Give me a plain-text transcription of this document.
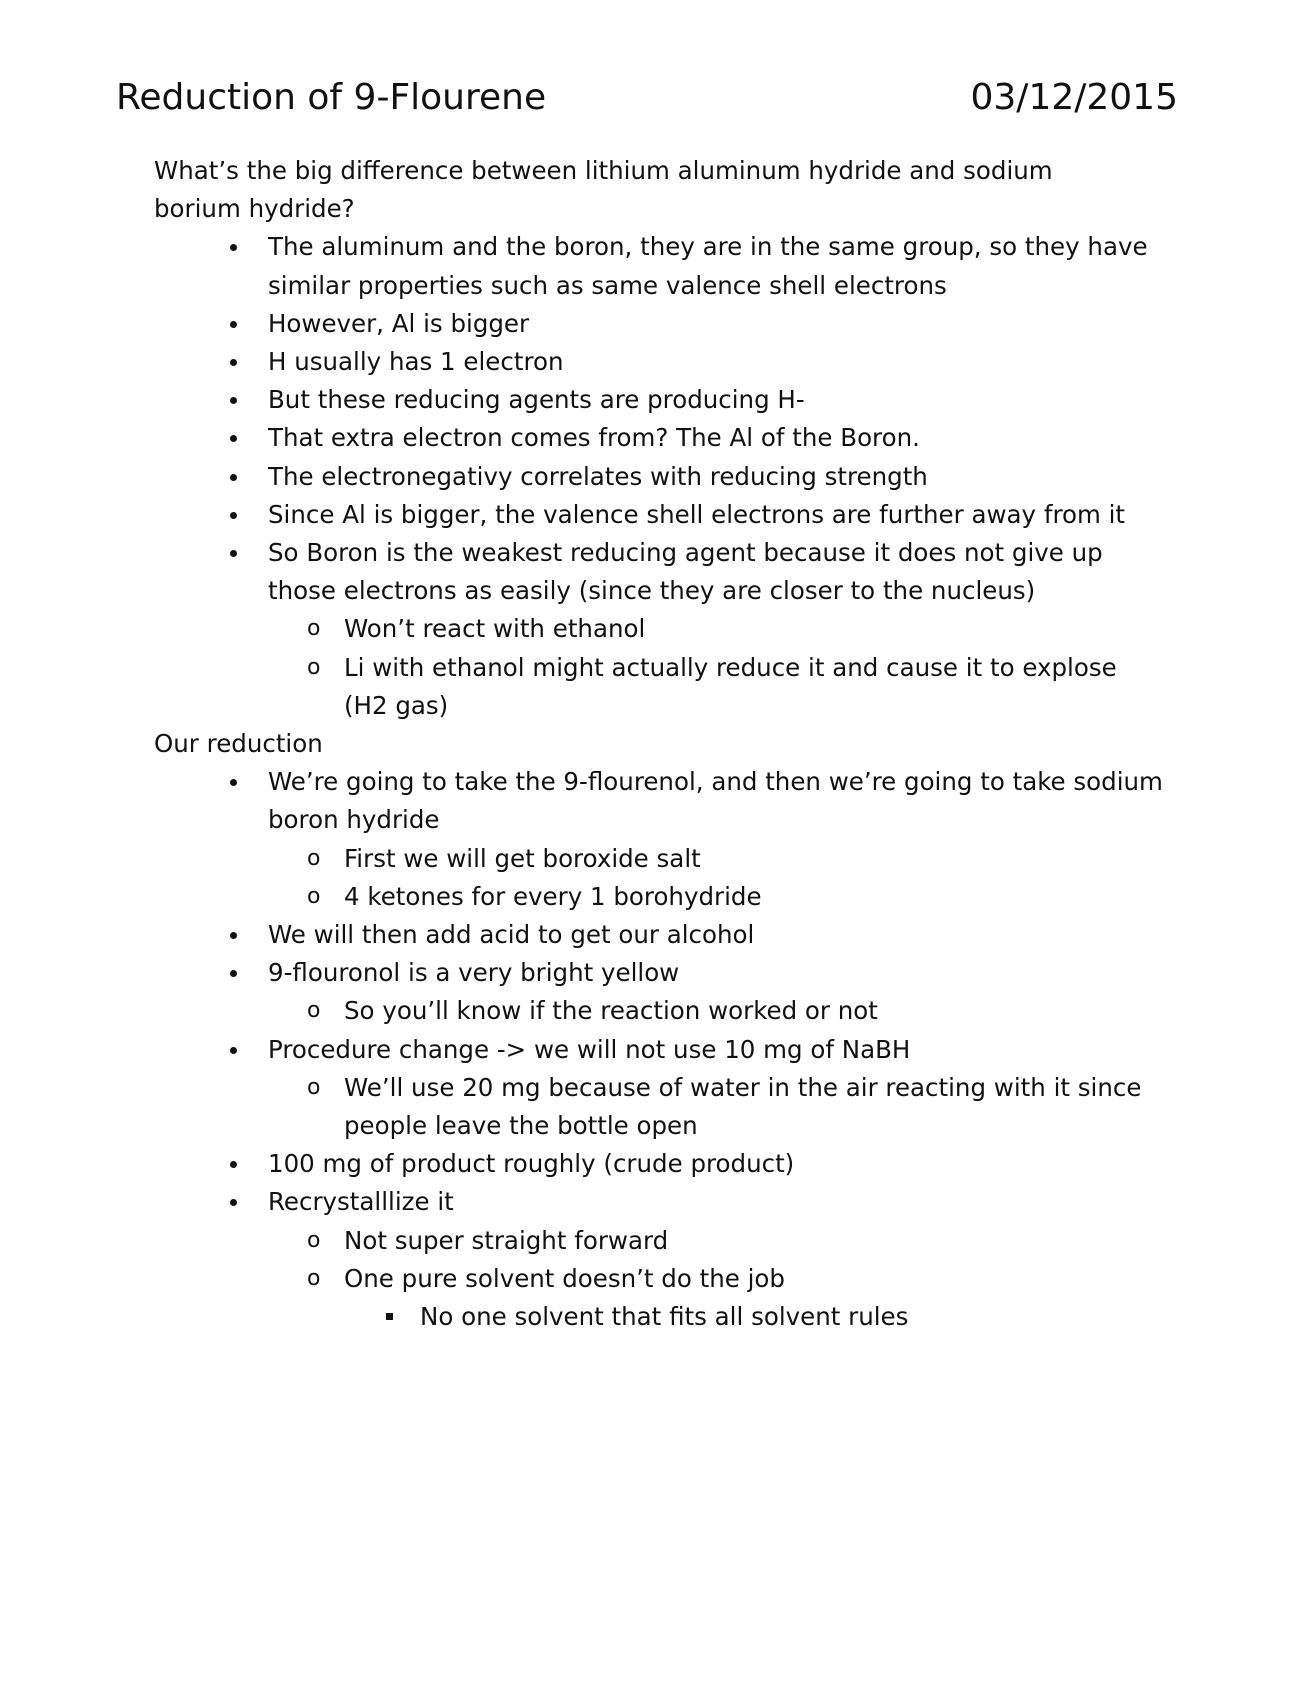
Reduction of 9-Flourene	03/12/2015

What’s the big difference between lithium aluminum hydride and sodium borium hydride?

The aluminum and the boron, they are in the same group, so they have similar properties such as same valence shell electrons
However, Al is bigger
H usually has 1 electron
But these reducing agents are producing H-
That extra electron comes from? The Al of the Boron.
The electronegativy correlates with reducing strength
Since Al is bigger, the valence shell electrons are further away from it
So Boron is the weakest reducing agent because it does not give up those electrons as easily (since they are closer to the nucleus)
o Won’t react with ethanol
o Li with ethanol might actually reduce it and cause it to explose (H2 gas)

Our reduction

We’re going to take the 9-flourenol, and then we’re going to take sodium boron hydride
o First we will get boroxide salt
o 4 ketones for every 1 borohydride
We will then add acid to get our alcohol
9-flouronol is a very bright yellow
o So you’ll know if the reaction worked or not
Procedure change -> we will not use 10 mg of NaBH
o We’ll use 20 mg because of water in the air reacting with it since people leave the bottle open
100 mg of product roughly (crude product)
Recrystalllize it
o Not super straight forward
o One pure solvent doesn’t do the job
No one solvent that fits all solvent rules
